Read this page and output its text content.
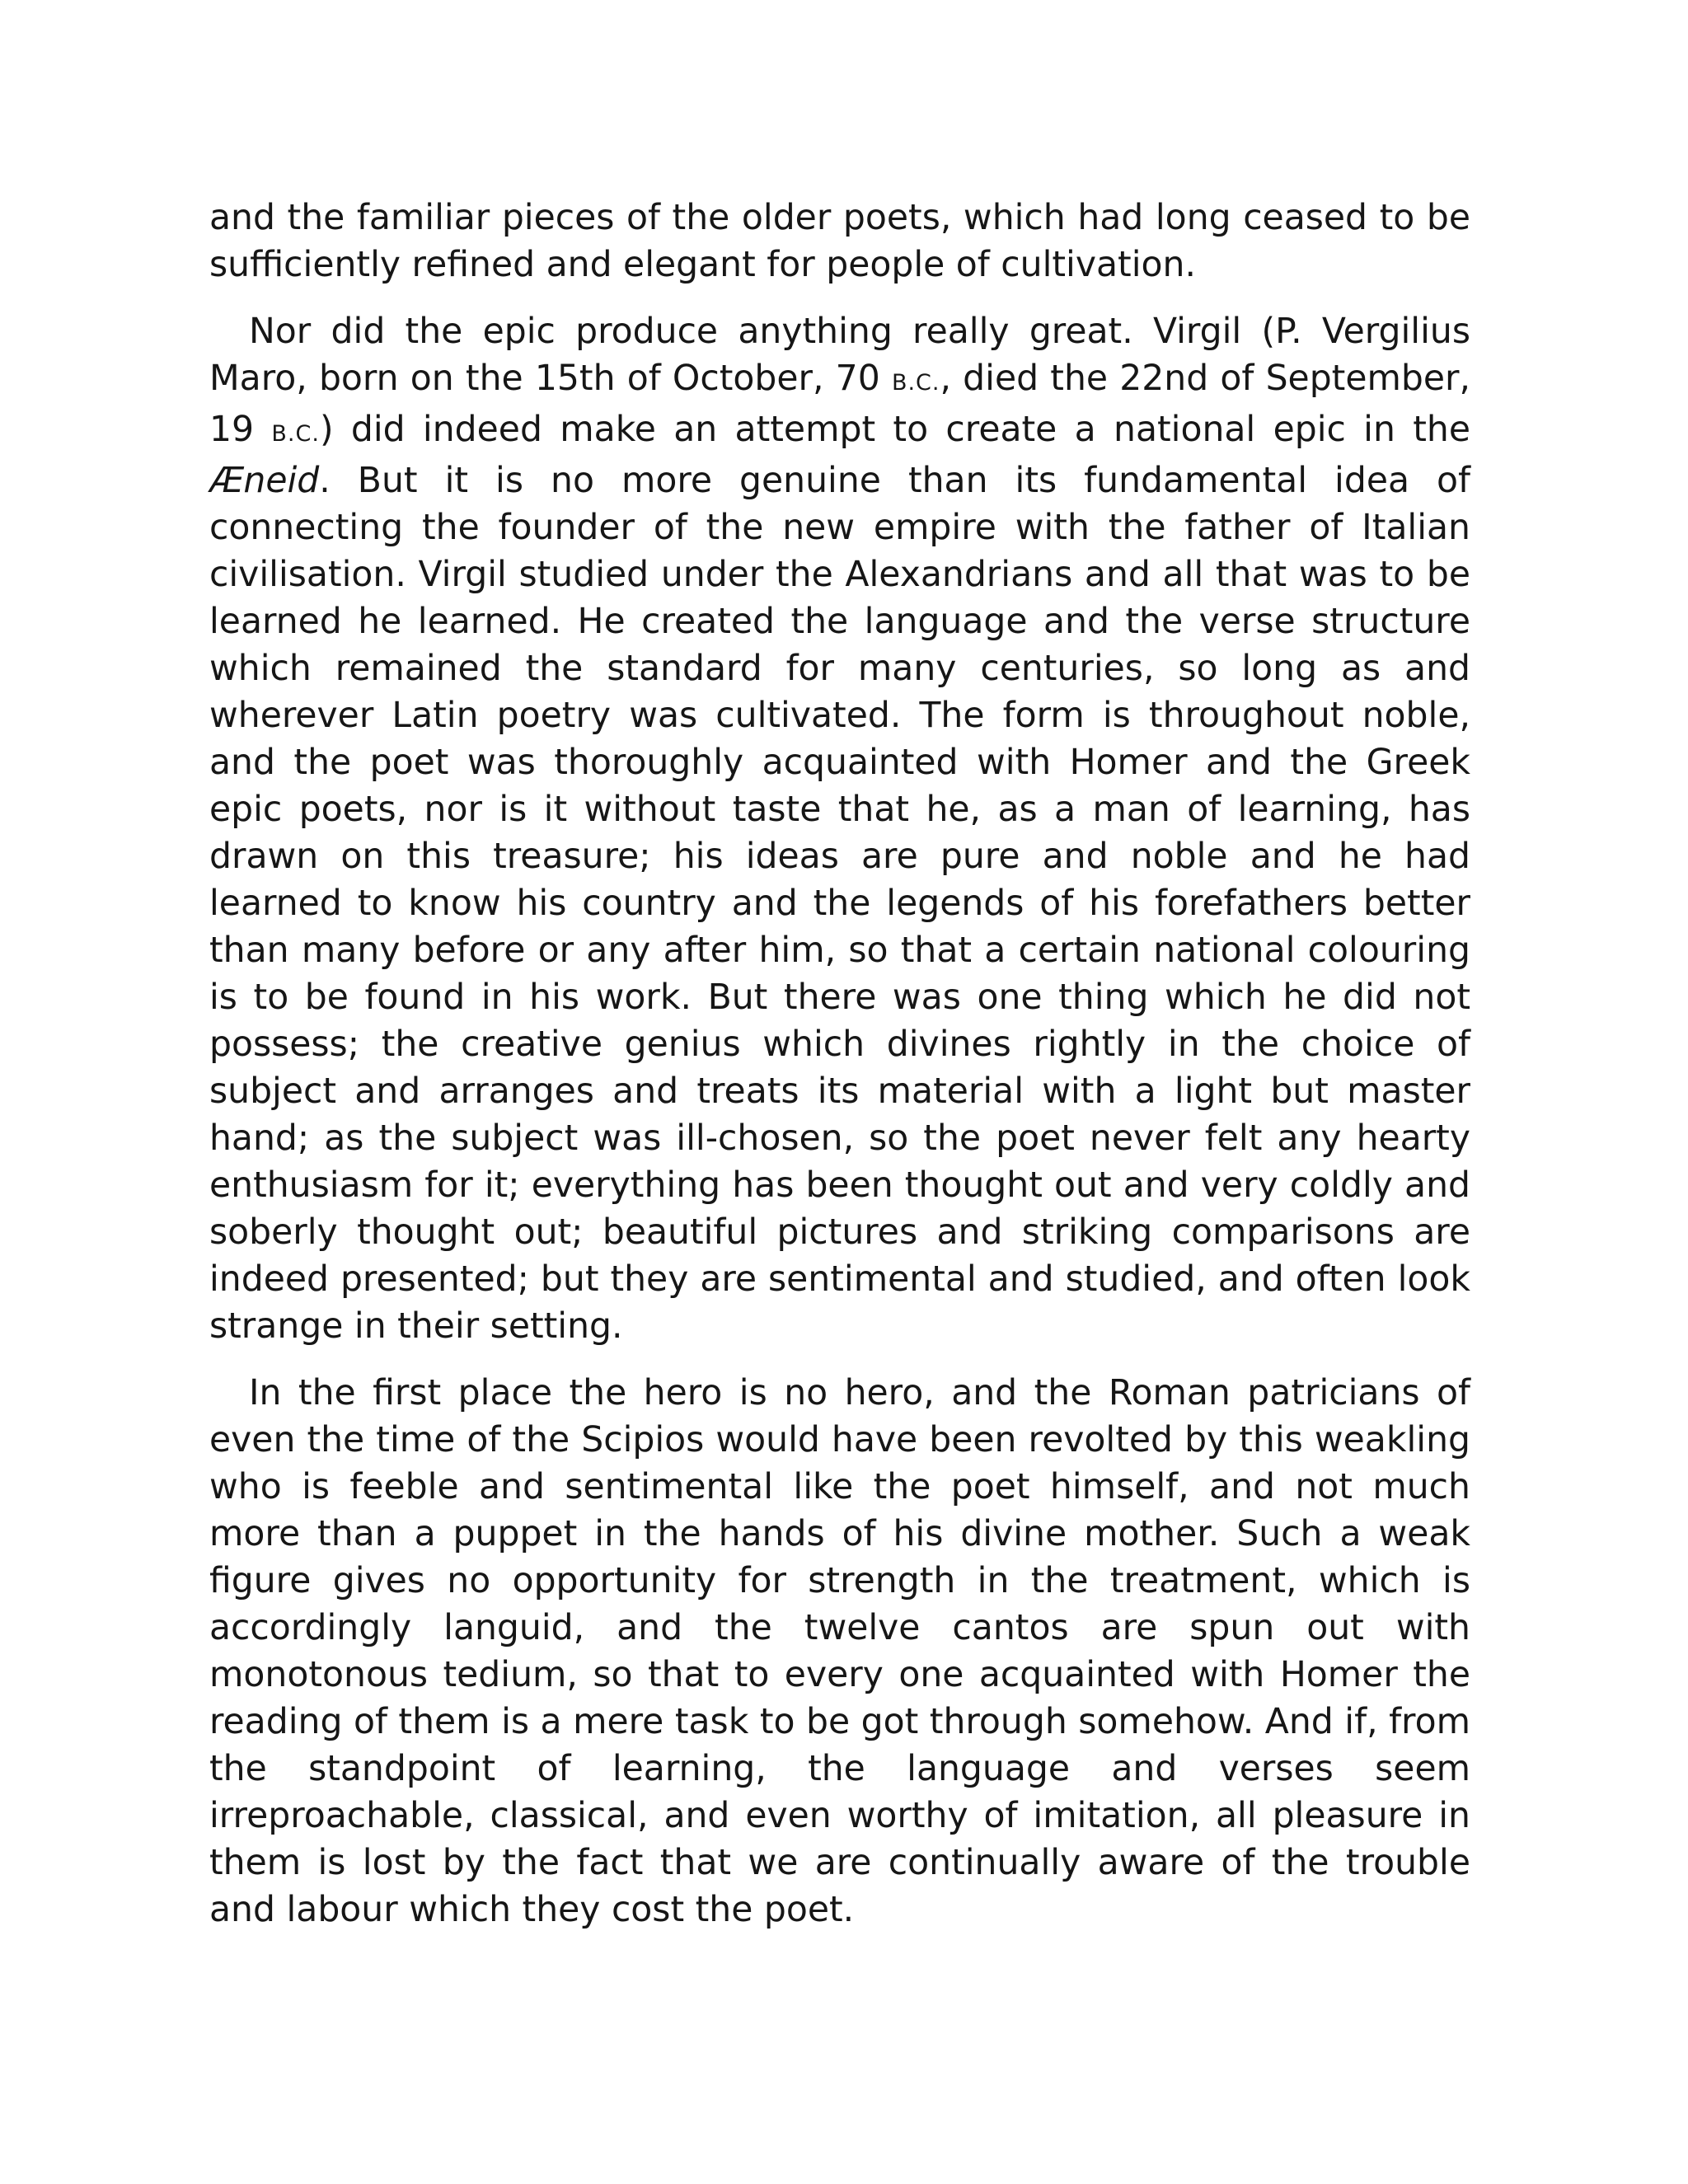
and the familiar pieces of the older poets, which had long ceased to be sufficiently refined and elegant for people of cultivation.

Nor did the epic produce anything really great. Virgil (P. Vergilius Maro, born on the 15th of October, 70 B.C., died the 22nd of September, 19 B.C.) did indeed make an attempt to create a national epic in the Æneid. But it is no more genuine than its fundamental idea of connecting the founder of the new empire with the father of Italian civilisation. Virgil studied under the Alexandrians and all that was to be learned he learned. He created the language and the verse structure which remained the standard for many centuries, so long as and wherever Latin poetry was cultivated. The form is throughout noble, and the poet was thoroughly acquainted with Homer and the Greek epic poets, nor is it without taste that he, as a man of learning, has drawn on this treasure; his ideas are pure and noble and he had learned to know his country and the legends of his forefathers better than many before or any after him, so that a certain national colouring is to be found in his work. But there was one thing which he did not possess; the creative genius which divines rightly in the choice of subject and arranges and treats its material with a light but master hand; as the subject was ill-chosen, so the poet never felt any hearty enthusiasm for it; everything has been thought out and very coldly and soberly thought out; beautiful pictures and striking comparisons are indeed presented; but they are sentimental and studied, and often look strange in their setting.

In the first place the hero is no hero, and the Roman patricians of even the time of the Scipios would have been revolted by this weakling who is feeble and sentimental like the poet himself, and not much more than a puppet in the hands of his divine mother. Such a weak figure gives no opportunity for strength in the treatment, which is accordingly languid, and the twelve cantos are spun out with monotonous tedium, so that to every one acquainted with Homer the reading of them is a mere task to be got through somehow. And if, from the standpoint of learning, the language and verses seem irreproachable, classical, and even worthy of imitation, all pleasure in them is lost by the fact that we are continually aware of the trouble and labour which they cost the poet.
